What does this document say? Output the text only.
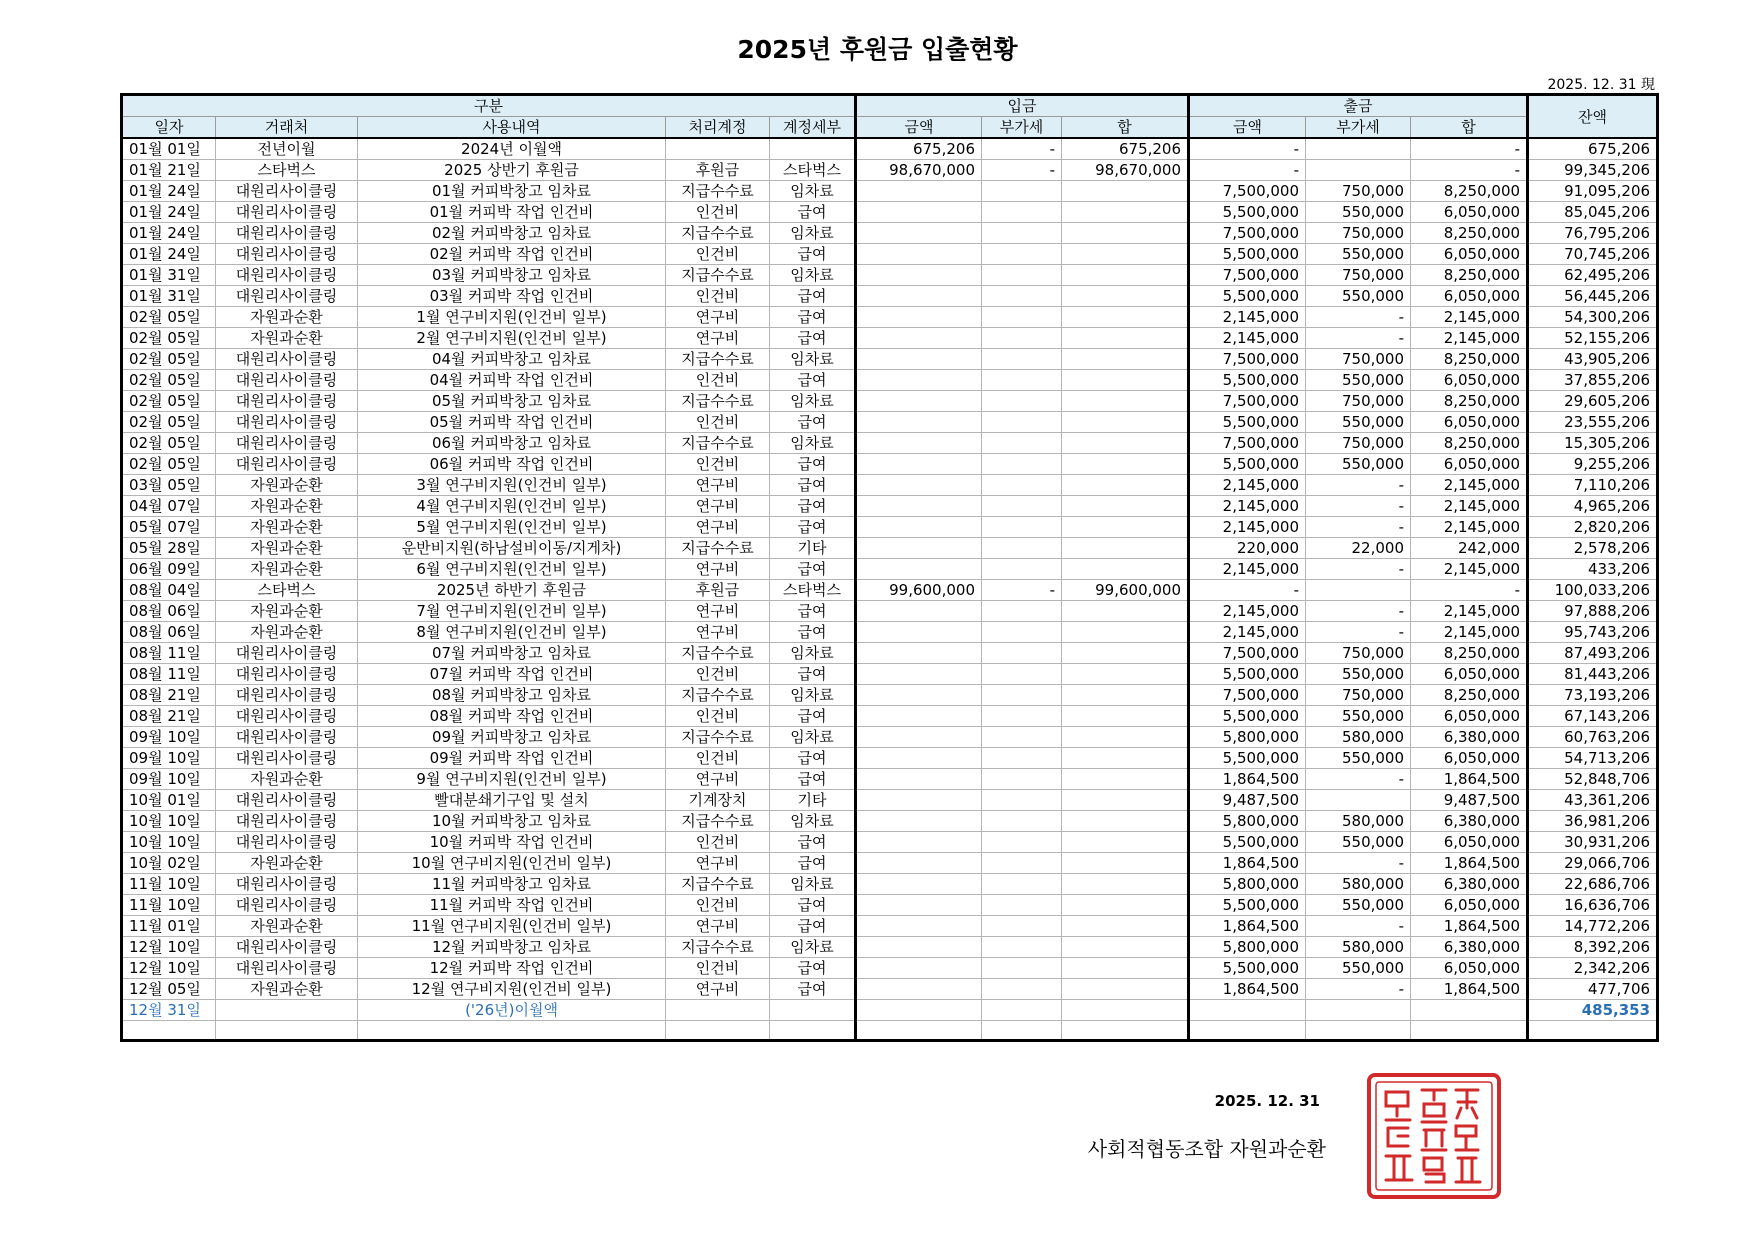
2025년 후원금 입출현황
2025. 12. 31 現
구분					입금			출금			잔액
일자	거래처	사용내역	처리계정	계정세부	금액	부가세	합	금액	부가세	합	
01월 01일	전년이월	2024년 이월액			675,206	-	675,206	-		-	675,206
01월 21일	스타벅스	2025 상반기 후원금	후원금	스타벅스	98,670,000	-	98,670,000	-		-	99,345,206
01월 24일	대원리사이클링	01월 커피박창고 임차료	지급수수료	임차료				7,500,000	750,000	8,250,000	91,095,206
01월 24일	대원리사이클링	01월 커피박 작업 인건비	인건비	급여				5,500,000	550,000	6,050,000	85,045,206
01월 24일	대원리사이클링	02월 커피박창고 임차료	지급수수료	임차료				7,500,000	750,000	8,250,000	76,795,206
01월 24일	대원리사이클링	02월 커피박 작업 인건비	인건비	급여				5,500,000	550,000	6,050,000	70,745,206
01월 31일	대원리사이클링	03월 커피박창고 임차료	지급수수료	임차료				7,500,000	750,000	8,250,000	62,495,206
01월 31일	대원리사이클링	03월 커피박 작업 인건비	인건비	급여				5,500,000	550,000	6,050,000	56,445,206
02월 05일	자원과순환	1월 연구비지원(인건비 일부)	연구비	급여				2,145,000	-	2,145,000	54,300,206
02월 05일	자원과순환	2월 연구비지원(인건비 일부)	연구비	급여				2,145,000	-	2,145,000	52,155,206
02월 05일	대원리사이클링	04월 커피박창고 임차료	지급수수료	임차료				7,500,000	750,000	8,250,000	43,905,206
02월 05일	대원리사이클링	04월 커피박 작업 인건비	인건비	급여				5,500,000	550,000	6,050,000	37,855,206
02월 05일	대원리사이클링	05월 커피박창고 임차료	지급수수료	임차료				7,500,000	750,000	8,250,000	29,605,206
02월 05일	대원리사이클링	05월 커피박 작업 인건비	인건비	급여				5,500,000	550,000	6,050,000	23,555,206
02월 05일	대원리사이클링	06월 커피박창고 임차료	지급수수료	임차료				7,500,000	750,000	8,250,000	15,305,206
02월 05일	대원리사이클링	06월 커피박 작업 인건비	인건비	급여				5,500,000	550,000	6,050,000	9,255,206
03월 05일	자원과순환	3월 연구비지원(인건비 일부)	연구비	급여				2,145,000	-	2,145,000	7,110,206
04월 07일	자원과순환	4월 연구비지원(인건비 일부)	연구비	급여				2,145,000	-	2,145,000	4,965,206
05월 07일	자원과순환	5월 연구비지원(인건비 일부)	연구비	급여				2,145,000	-	2,145,000	2,820,206
05월 28일	자원과순환	운반비지원(하남설비이동/지게차)	지급수수료	기타				220,000	22,000	242,000	2,578,206
06월 09일	자원과순환	6월 연구비지원(인건비 일부)	연구비	급여				2,145,000	-	2,145,000	433,206
08월 04일	스타벅스	2025년 하반기 후원금	후원금	스타벅스	99,600,000	-	99,600,000	-		-	100,033,206
08월 06일	자원과순환	7월 연구비지원(인건비 일부)	연구비	급여				2,145,000	-	2,145,000	97,888,206
08월 06일	자원과순환	8월 연구비지원(인건비 일부)	연구비	급여				2,145,000	-	2,145,000	95,743,206
08월 11일	대원리사이클링	07월 커피박창고 임차료	지급수수료	임차료				7,500,000	750,000	8,250,000	87,493,206
08월 11일	대원리사이클링	07월 커피박 작업 인건비	인건비	급여				5,500,000	550,000	6,050,000	81,443,206
08월 21일	대원리사이클링	08월 커피박창고 임차료	지급수수료	임차료				7,500,000	750,000	8,250,000	73,193,206
08월 21일	대원리사이클링	08월 커피박 작업 인건비	인건비	급여				5,500,000	550,000	6,050,000	67,143,206
09월 10일	대원리사이클링	09월 커피박창고 임차료	지급수수료	임차료				5,800,000	580,000	6,380,000	60,763,206
09월 10일	대원리사이클링	09월 커피박 작업 인건비	인건비	급여				5,500,000	550,000	6,050,000	54,713,206
09월 10일	자원과순환	9월 연구비지원(인건비 일부)	연구비	급여				1,864,500	-	1,864,500	52,848,706
10월 01일	대원리사이클링	빨대분쇄기구입 및 설치	기계장치	기타				9,487,500		9,487,500	43,361,206
10월 10일	대원리사이클링	10월 커피박창고 임차료	지급수수료	임차료				5,800,000	580,000	6,380,000	36,981,206
10월 10일	대원리사이클링	10월 커피박 작업 인건비	인건비	급여				5,500,000	550,000	6,050,000	30,931,206
10월 02일	자원과순환	10월 연구비지원(인건비 일부)	연구비	급여				1,864,500	-	1,864,500	29,066,706
11월 10일	대원리사이클링	11월 커피박창고 임차료	지급수수료	임차료				5,800,000	580,000	6,380,000	22,686,706
11월 10일	대원리사이클링	11월 커피박 작업 인건비	인건비	급여				5,500,000	550,000	6,050,000	16,636,706
11월 01일	자원과순환	11월 연구비지원(인건비 일부)	연구비	급여				1,864,500	-	1,864,500	14,772,206
12월 10일	대원리사이클링	12월 커피박창고 임차료	지급수수료	임차료				5,800,000	580,000	6,380,000	8,392,206
12월 10일	대원리사이클링	12월 커피박 작업 인건비	인건비	급여				5,500,000	550,000	6,050,000	2,342,206
12월 05일	자원과순환	12월 연구비지원(인건비 일부)	연구비	급여				1,864,500	-	1,864,500	477,706
12월 31일		('26년)이월액									485,353

2025. 12. 31
사회적협동조합 자원과순환
